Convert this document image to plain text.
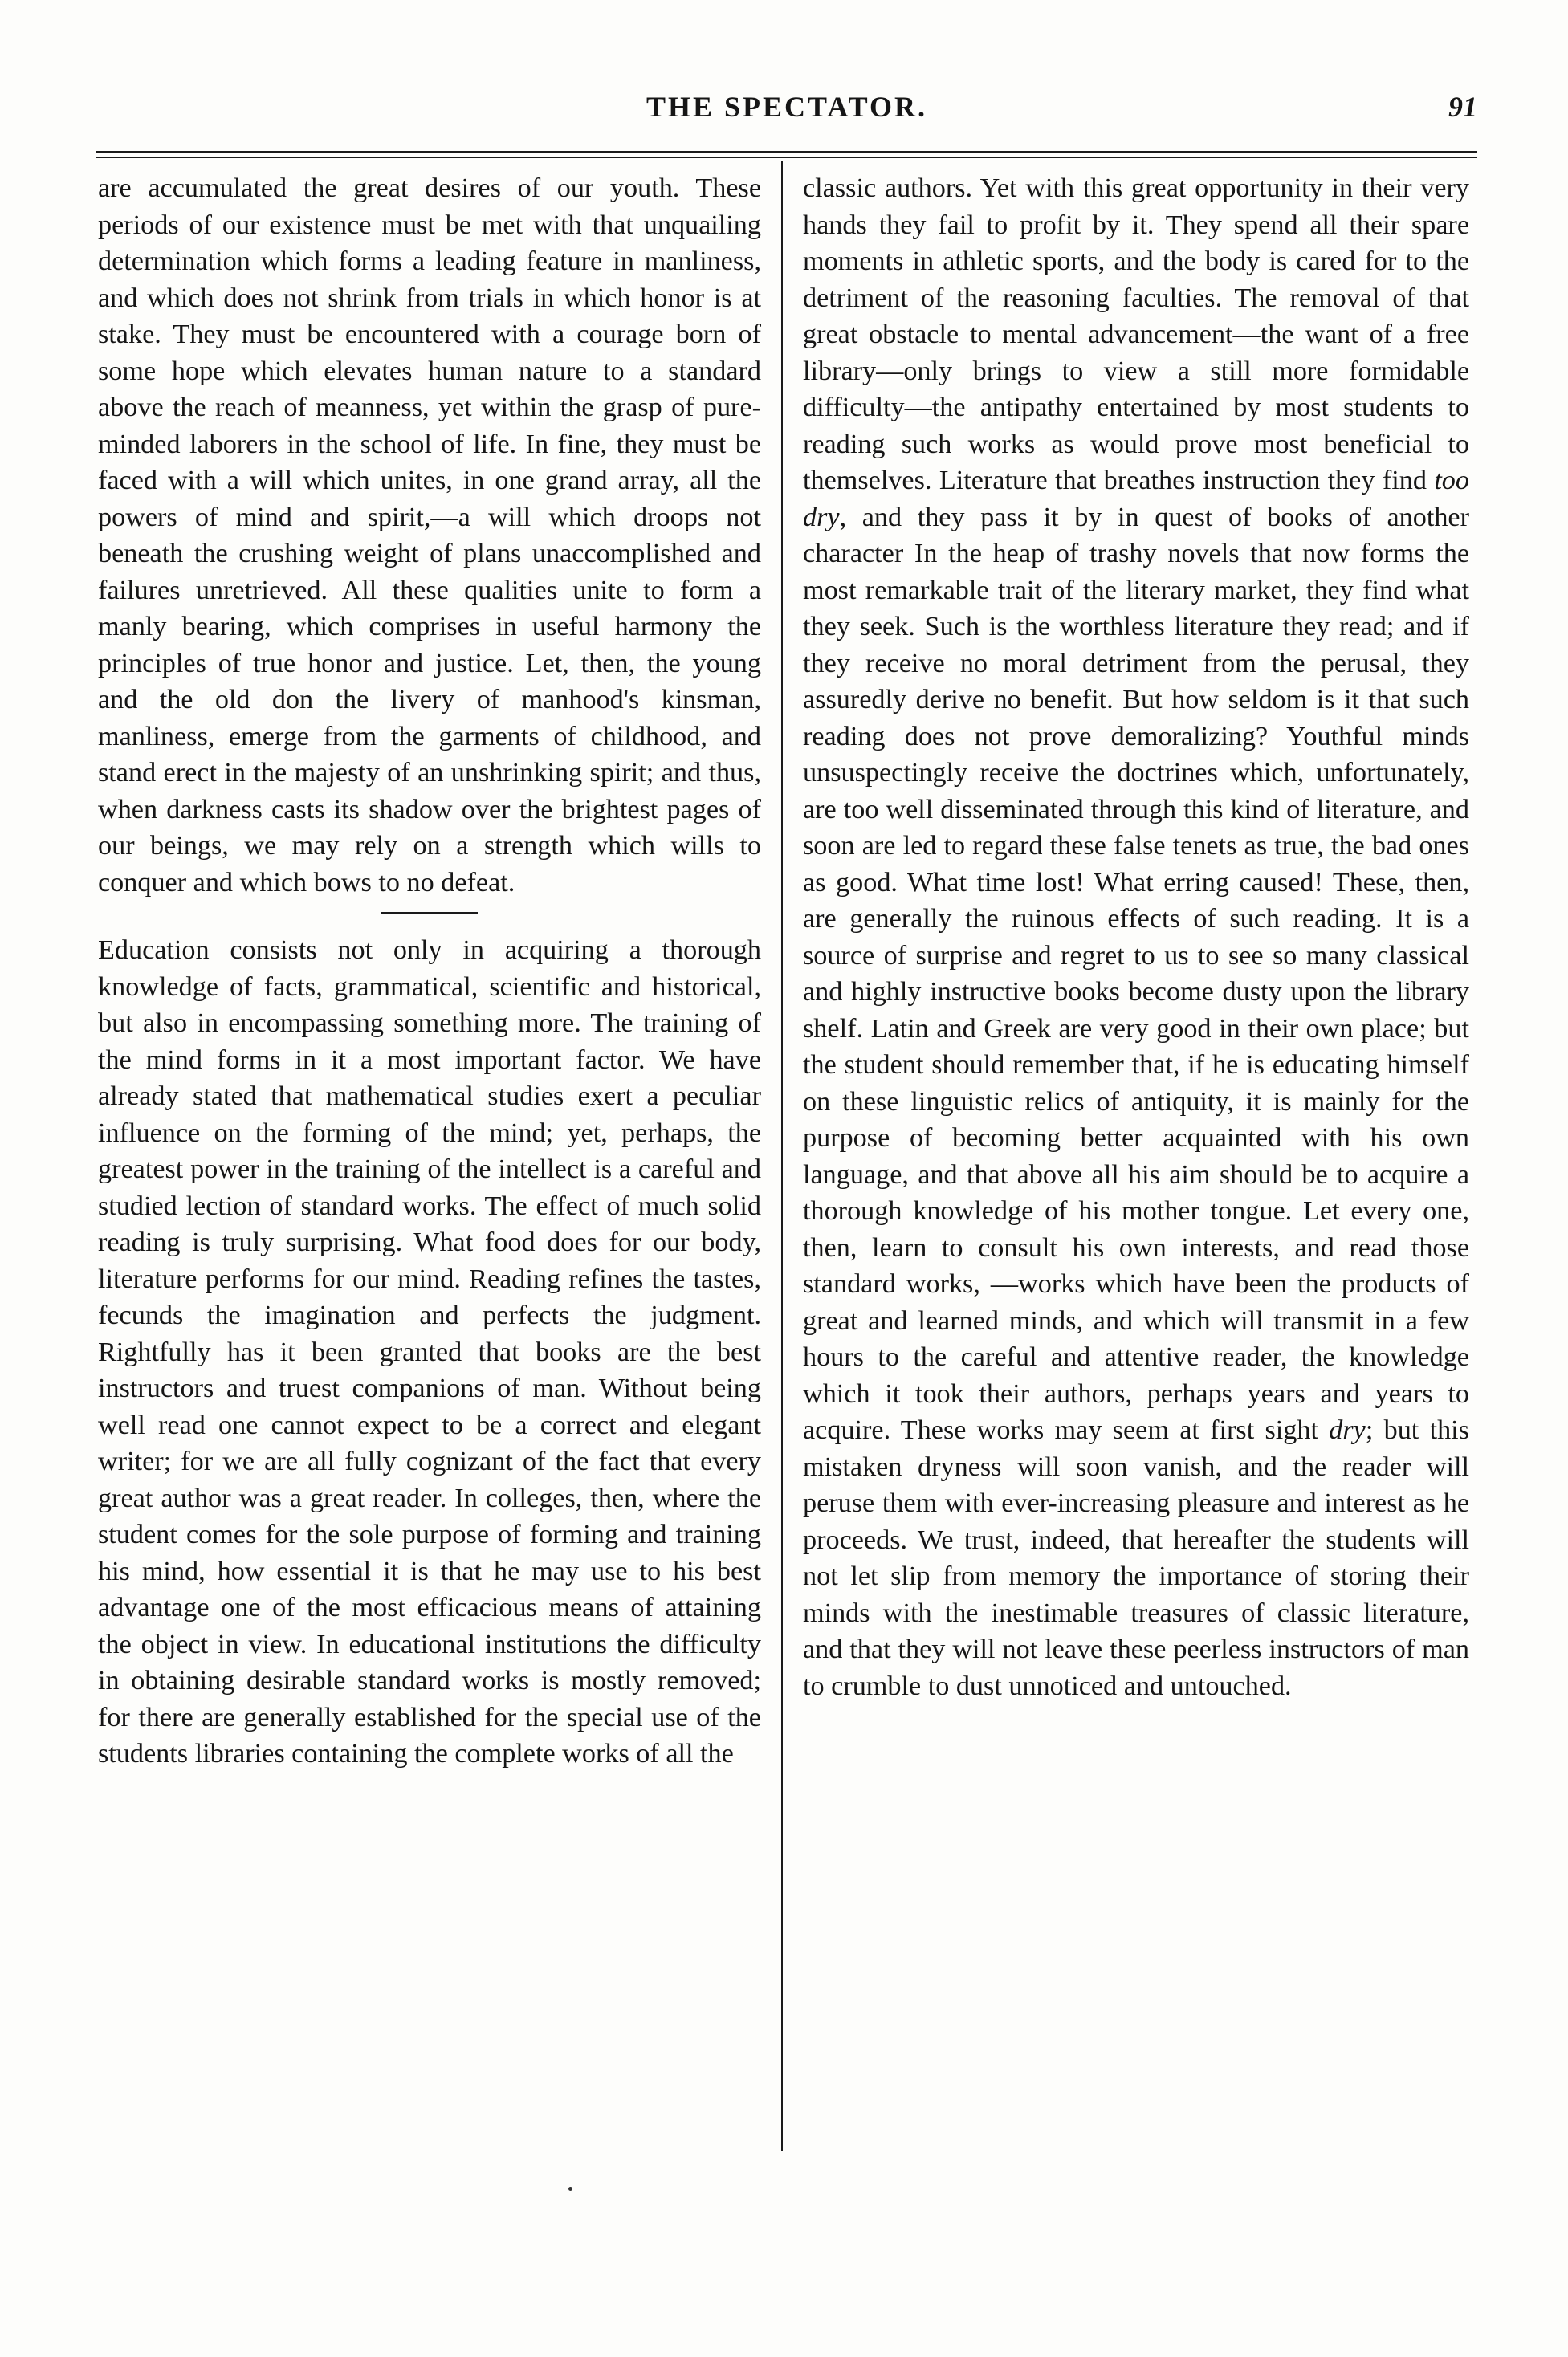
THE SPECTATOR.	91

are accumulated the great desires of our youth. These periods of our existence must be met with that unquailing determination which forms a leading feature in manliness, and which does not shrink from trials in which honor is at stake. They must be encountered with a courage born of some hope which elevates human nature to a standard above the reach of meanness, yet within the grasp of pure-minded laborers in the school of life. In fine, they must be faced with a will which unites, in one grand array, all the powers of mind and spirit,—a will which droops not beneath the crushing weight of plans unaccomplished and failures unretrieved. All these qualities unite to form a manly bearing, which comprises in useful harmony the principles of true honor and justice. Let, then, the young and the old don the livery of manhood's kinsman, manliness, emerge from the garments of childhood, and stand erect in the majesty of an unshrinking spirit; and thus, when darkness casts its shadow over the brightest pages of our beings, we may rely on a strength which wills to conquer and which bows to no defeat.

Education consists not only in acquiring a thorough knowledge of facts, grammatical, scientific and historical, but also in encompassing something more. The training of the mind forms in it a most important factor. We have already stated that mathematical studies exert a peculiar influence on the forming of the mind; yet, perhaps, the greatest power in the training of the intellect is a careful and studied lection of standard works. The effect of much solid reading is truly surprising. What food does for our body, literature performs for our mind. Reading refines the tastes, fecunds the imagination and perfects the judgment. Rightfully has it been granted that books are the best instructors and truest companions of man. Without being well read one cannot expect to be a correct and elegant writer; for we are all fully cognizant of the fact that every great author was a great reader. In colleges, then, where the student comes for the sole purpose of forming and training his mind, how essential it is that he may use to his best advantage one of the most efficacious means of attaining the object in view. In educational institutions the difficulty in obtaining desirable standard works is mostly removed; for there are generally established for the special use of the students libraries containing the complete works of all the

classic authors. Yet with this great opportunity in their very hands they fail to profit by it. They spend all their spare moments in athletic sports, and the body is cared for to the detriment of the reasoning faculties. The removal of that great obstacle to mental advancement—the want of a free library—only brings to view a still more formidable difficulty—the antipathy entertained by most students to reading such works as would prove most beneficial to themselves. Literature that breathes instruction they find too dry, and they pass it by in quest of books of another character In the heap of trashy novels that now forms the most remarkable trait of the literary market, they find what they seek. Such is the worthless literature they read; and if they receive no moral detriment from the perusal, they assuredly derive no benefit. But how seldom is it that such reading does not prove demoralizing? Youthful minds unsuspectingly receive the doctrines which, unfortunately, are too well disseminated through this kind of literature, and soon are led to regard these false tenets as true, the bad ones as good. What time lost! What erring caused! These, then, are generally the ruinous effects of such reading. It is a source of surprise and regret to us to see so many classical and highly instructive books become dusty upon the library shelf. Latin and Greek are very good in their own place; but the student should remember that, if he is educating himself on these linguistic relics of antiquity, it is mainly for the purpose of becoming better acquainted with his own language, and that above all his aim should be to acquire a thorough knowledge of his mother tongue. Let every one, then, learn to consult his own interests, and read those standard works, —works which have been the products of great and learned minds, and which will transmit in a few hours to the careful and attentive reader, the knowledge which it took their authors, perhaps years and years to acquire. These works may seem at first sight dry; but this mistaken dryness will soon vanish, and the reader will peruse them with ever-increasing pleasure and interest as he proceeds. We trust, indeed, that hereafter the students will not let slip from memory the importance of storing their minds with the inestimable treasures of classic literature, and that they will not leave these peerless instructors of man to crumble to dust unnoticed and untouched.
